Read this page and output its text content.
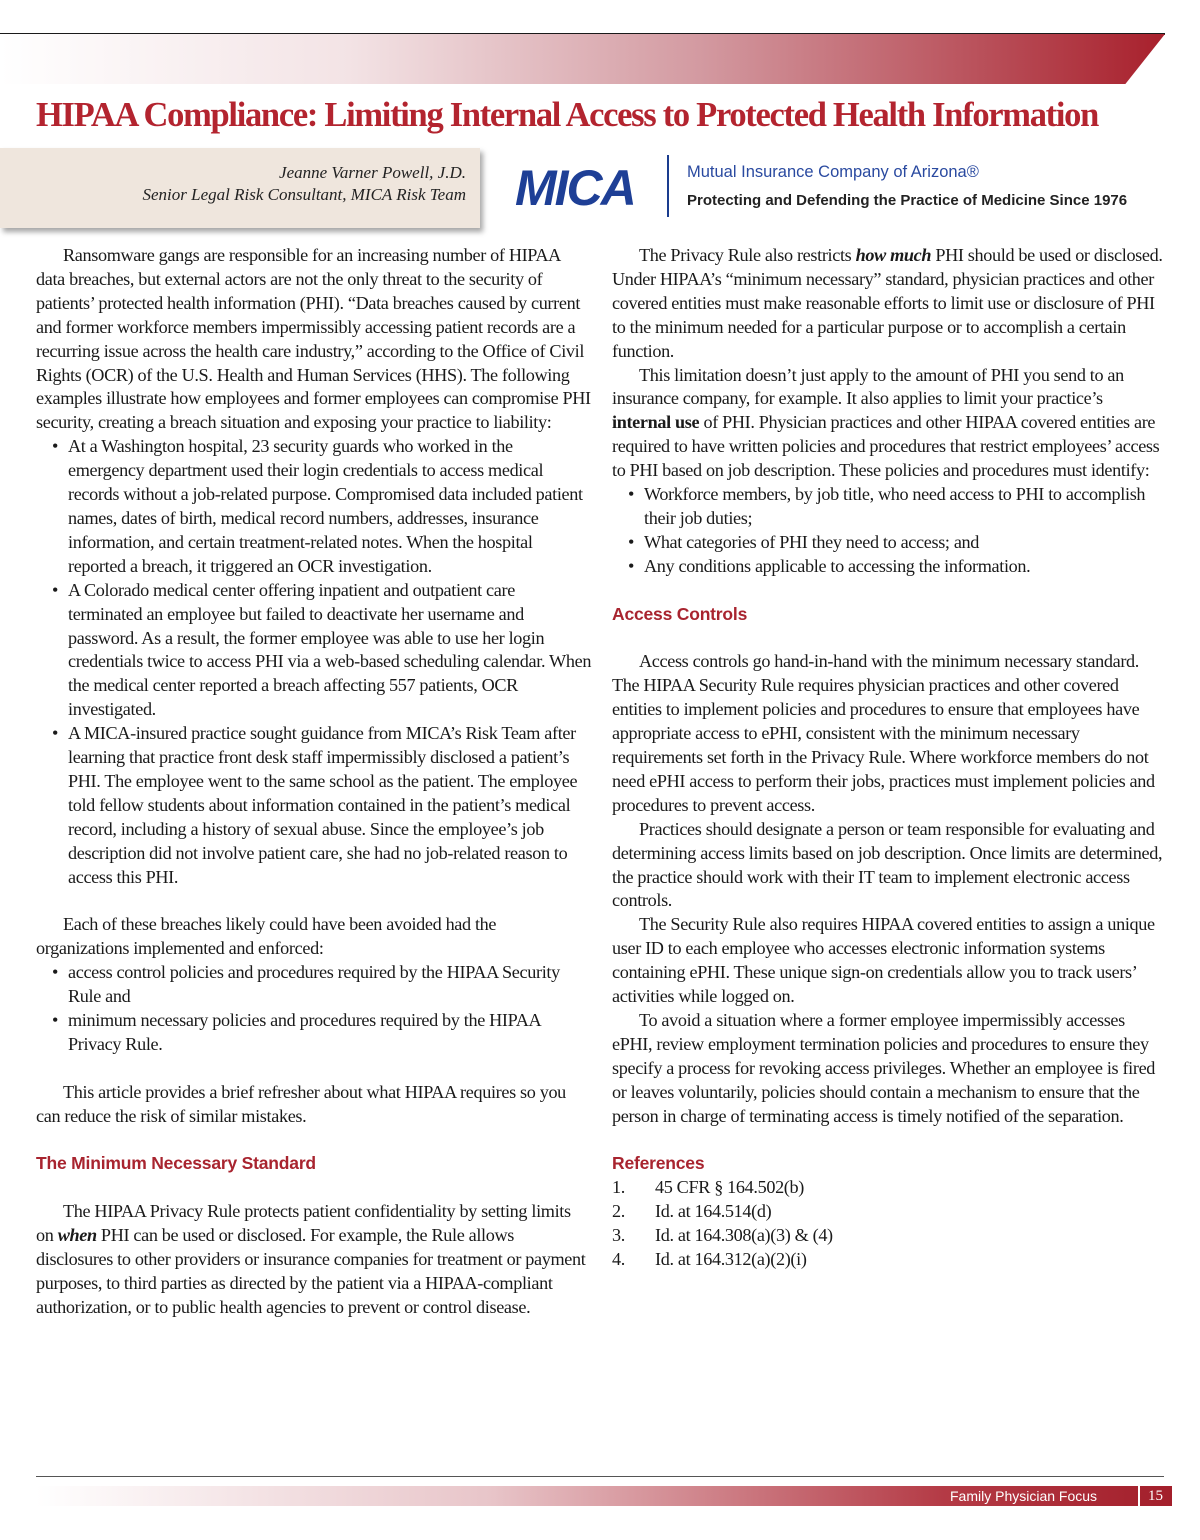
HIPAA Compliance: Limiting Internal Access to Protected Health Information
Jeanne Varner Powell, J.D.
Senior Legal Risk Consultant, MICA Risk Team MICA	Mutual Insurance Company of Arizona®
Protecting and Defending the Practice of Medicine Since 1976

Ransomware gangs are responsible for an increasing number of HIPAA data breaches, but external actors are not the only threat to the security of patients’ protected health information (PHI). “Data breaches caused by current and former workforce members impermissibly accessing patient records are a recurring issue across the health care industry,” according to the Office of Civil Rights (OCR) of the U.S. Health and Human Services (HHS). The following examples illustrate how employees and former employees can compromise PHI security, creating a breach situation and exposing your practice to liability:

• At a Washington hospital, 23 security guards who worked in the emergency department used their login credentials to access medical records without a job-related purpose. Compromised data included patient names, dates of birth, medical record numbers, addresses, insurance information, and certain treatment-related notes. When the hospital reported a breach, it triggered an OCR investigation.
• A Colorado medical center offering inpatient and outpatient care terminated an employee but failed to deactivate her username and password. As a result, the former employee was able to use her login credentials twice to access PHI via a web-based scheduling calendar. When the medical center reported a breach affecting 557 patients, OCR investigated.
• A MICA-insured practice sought guidance from MICA’s Risk Team after learning that practice front desk staff impermissibly disclosed a patient’s PHI. The employee went to the same school as the patient. The employee told fellow students about information contained in the patient’s medical record, including a history of sexual abuse. Since the employee’s job description did not involve patient care, she had no job-related reason to access this PHI.

Each of these breaches likely could have been avoided had the organizations implemented and enforced:

• access control policies and procedures required by the HIPAA Security Rule and
• minimum necessary policies and procedures required by the HIPAA Privacy Rule.

This article provides a brief refresher about what HIPAA requires so you can reduce the risk of similar mistakes.

The Minimum Necessary Standard

The HIPAA Privacy Rule protects patient confidentiality by setting limits on when PHI can be used or disclosed. For example, the Rule allows disclosures to other providers or insurance companies for treatment or payment purposes, to third parties as directed by the patient via a HIPAA-compliant authorization, or to public health agencies to prevent or control disease.

The Privacy Rule also restricts how much PHI should be used or disclosed. Under HIPAA’s “minimum necessary” standard, physician practices and other covered entities must make reasonable efforts to limit use or disclosure of PHI to the minimum needed for a particular purpose or to accomplish a certain function.

This limitation doesn’t just apply to the amount of PHI you send to an insurance company, for example. It also applies to limit your practice’s internal use of PHI. Physician practices and other HIPAA covered entities are required to have written policies and procedures that restrict employees’ access to PHI based on job description. These policies and procedures must identify:

• Workforce members, by job title, who need access to PHI to accomplish their job duties;
• What categories of PHI they need to access; and
• Any conditions applicable to accessing the information.

Access Controls

Access controls go hand-in-hand with the minimum necessary standard. The HIPAA Security Rule requires physician practices and other covered entities to implement policies and procedures to ensure that employees have appropriate access to ePHI, consistent with the minimum necessary requirements set forth in the Privacy Rule. Where workforce members do not need ePHI access to perform their jobs, practices must implement policies and procedures to prevent access.

Practices should designate a person or team responsible for evaluating and determining access limits based on job description. Once limits are determined, the practice should work with their IT team to implement electronic access controls.

The Security Rule also requires HIPAA covered entities to assign a unique user ID to each employee who accesses electronic information systems containing ePHI. These unique sign-on credentials allow you to track users’ activities while logged on.

To avoid a situation where a former employee impermissibly accesses ePHI, review employment termination policies and procedures to ensure they specify a process for revoking access privileges. Whether an employee is fired or leaves voluntarily, policies should contain a mechanism to ensure that the person in charge of terminating access is timely notified of the separation.

References

1.	45 CFR § 164.502(b)
2.	Id. at 164.514(d)
3.	Id. at 164.308(a)(3) & (4)
4.	Id. at 164.312(a)(2)(i)
Family Physician Focus	15
